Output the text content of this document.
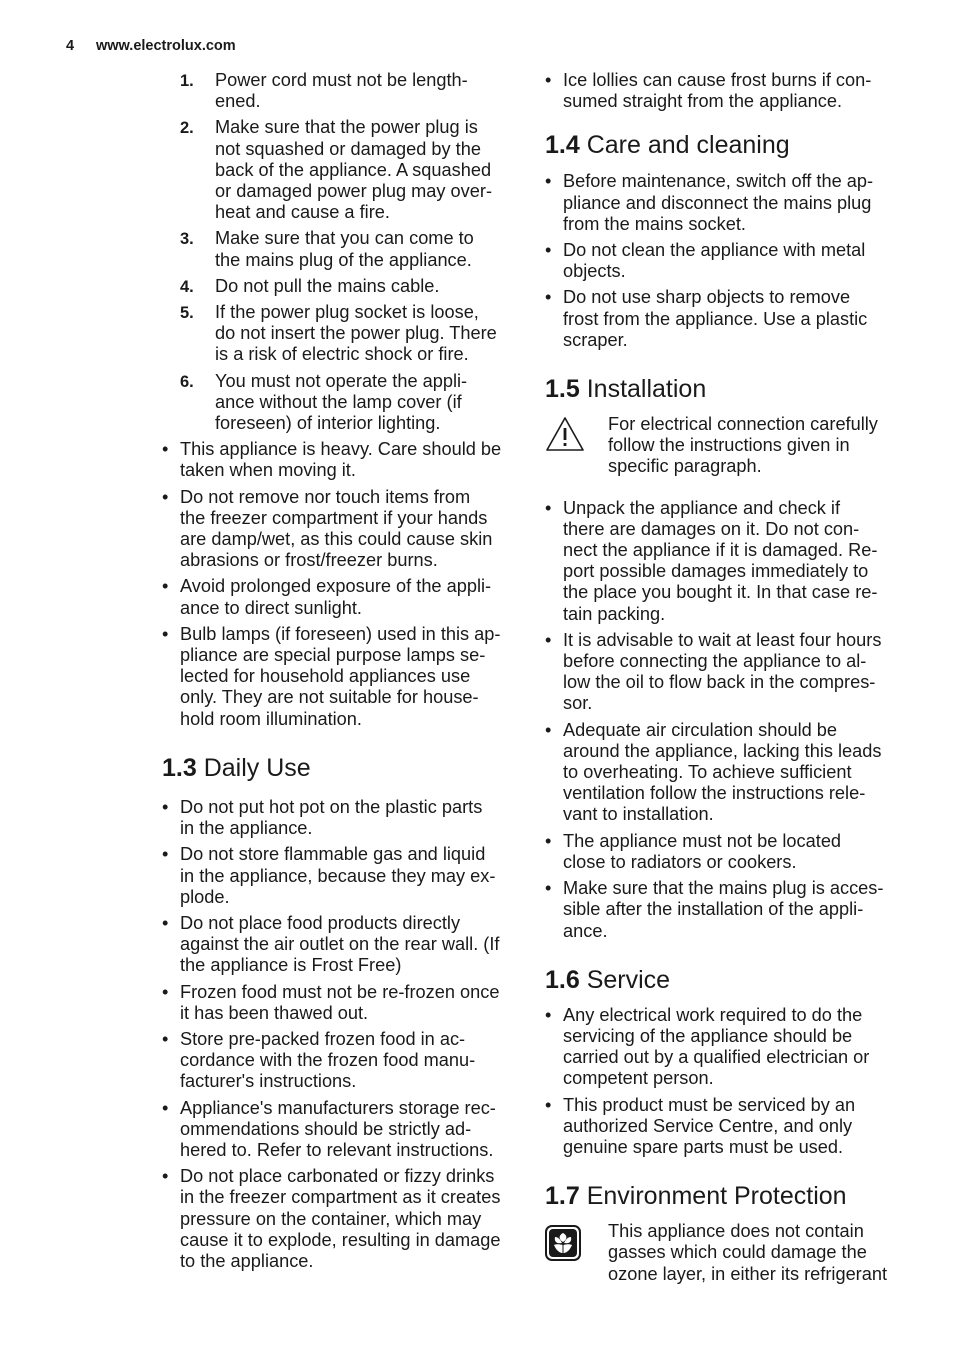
4 www.electrolux.com
1. Power cord must not be length-
ened.
2. Make sure that the power plug is
not squashed or damaged by the
back of the appliance. A squashed
or damaged power plug may over-
heat and cause a fire.
3. Make sure that you can come to
the mains plug of the appliance.
4. Do not pull the mains cable.
5. If the power plug socket is loose,
do not insert the power plug. There
is a risk of electric shock or fire.
6. You must not operate the appli-
ance without the lamp cover (if
foreseen) of interior lighting.
• This appliance is heavy. Care should be
taken when moving it.
• Do not remove nor touch items from
the freezer compartment if your hands
are damp/wet, as this could cause skin
abrasions or frost/freezer burns.
• Avoid prolonged exposure of the appli-
ance to direct sunlight.
• Bulb lamps (if foreseen) used in this ap-
pliance are special purpose lamps se-
lected for household appliances use
only. They are not suitable for house-
hold room illumination.
1.3 Daily Use
• Do not put hot pot on the plastic parts
in the appliance.
• Do not store flammable gas and liquid
in the appliance, because they may ex-
plode.
• Do not place food products directly
against the air outlet on the rear wall. (If
the appliance is Frost Free)
• Frozen food must not be re-frozen once
it has been thawed out.
• Store pre-packed frozen food in ac-
cordance with the frozen food manu-
facturer's instructions.
• Appliance's manufacturers storage rec-
ommendations should be strictly ad-
hered to. Refer to relevant instructions.
• Do not place carbonated or fizzy drinks
in the freezer compartment as it creates
pressure on the container, which may
cause it to explode, resulting in damage
to the appliance.
• Ice lollies can cause frost burns if con-
sumed straight from the appliance.
1.4 Care and cleaning
• Before maintenance, switch off the ap-
pliance and disconnect the mains plug
from the mains socket.
• Do not clean the appliance with metal
objects.
• Do not use sharp objects to remove
frost from the appliance. Use a plastic
scraper.
1.5 Installation
For electrical connection carefully
follow the instructions given in
specific paragraph.
• Unpack the appliance and check if
there are damages on it. Do not con-
nect the appliance if it is damaged. Re-
port possible damages immediately to
the place you bought it. In that case re-
tain packing.
• It is advisable to wait at least four hours
before connecting the appliance to al-
low the oil to flow back in the compres-
sor.
• Adequate air circulation should be
around the appliance, lacking this leads
to overheating. To achieve sufficient
ventilation follow the instructions rele-
vant to installation.
• The appliance must not be located
close to radiators or cookers.
• Make sure that the mains plug is acces-
sible after the installation of the appli-
ance.
1.6 Service
• Any electrical work required to do the
servicing of the appliance should be
carried out by a qualified electrician or
competent person.
• This product must be serviced by an
authorized Service Centre, and only
genuine spare parts must be used.
1.7 Environment Protection
This appliance does not contain
gasses which could damage the
ozone layer, in either its refrigerant
